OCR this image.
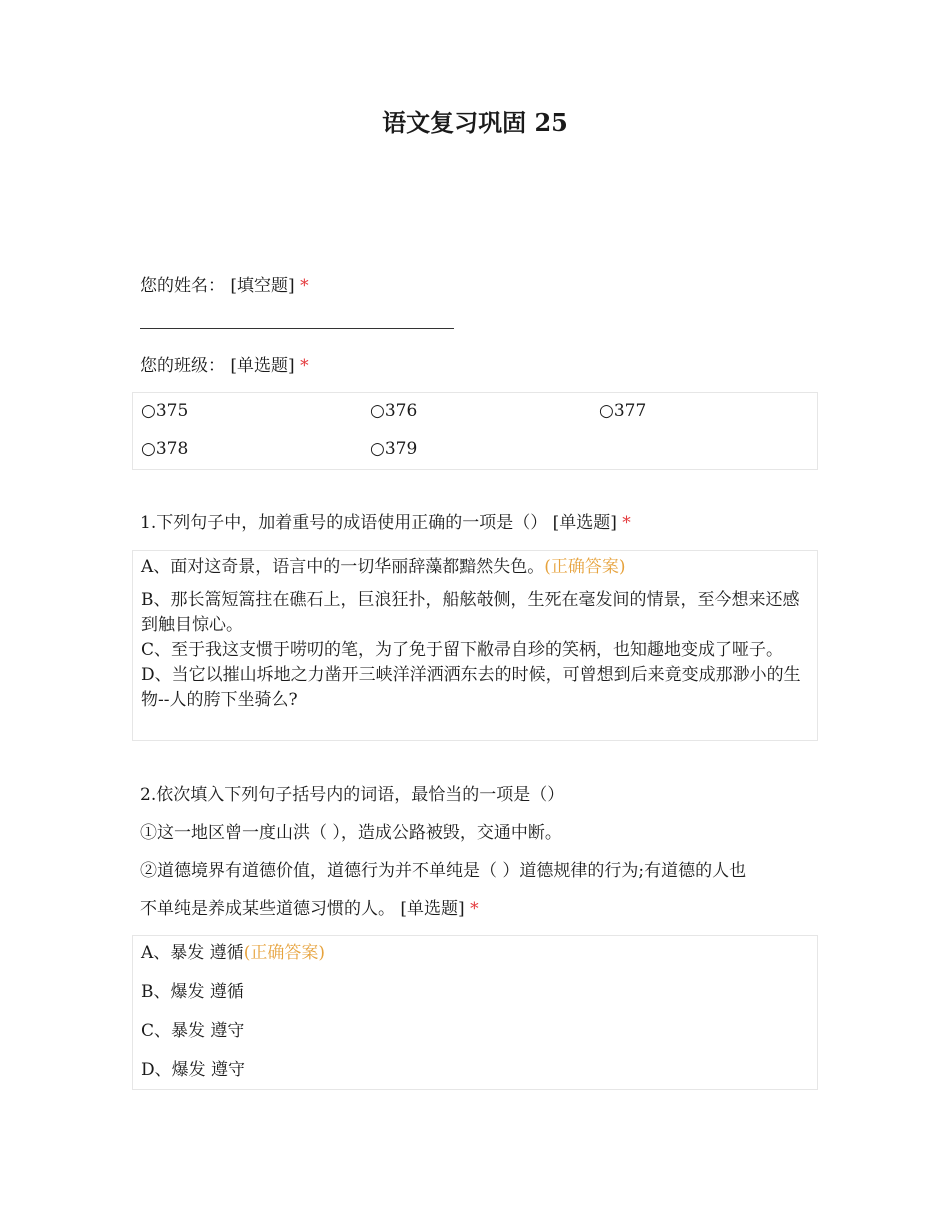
语文复习巩固 25
您的姓名： [填空题] *
您的班级： [单选题] *
○375	○376	○377
○378	○379
1.下列句子中，加着重号的成语使用正确的一项是（） [单选题] *
A、面对这奇景，语言中的一切华丽辞藻都黯然失色。(正确答案)
B、那长篙短篙拄在礁石上，巨浪狂扑，船舷攲侧，生死在毫发间的情景，至今想来还感到触目惊心。
C、至于我这支惯于唠叨的笔，为了免于留下敝帚自珍的笑柄，也知趣地变成了哑子。
D、当它以摧山坼地之力凿开三峡洋洋洒洒东去的时候，可曾想到后来竟变成那渺小的生物--人的胯下坐骑么?
2.依次填入下列句子括号内的词语，最恰当的一项是（）
①这一地区曾一度山洪（ ），造成公路被毁，交通中断。
②道德境界有道德价值，道德行为并不单纯是（ ）道德规律的行为;有道德的人也
不单纯是养成某些道德习惯的人。 [单选题] *
A、暴发 遵循(正确答案)
B、爆发 遵循
C、暴发 遵守
D、爆发 遵守
